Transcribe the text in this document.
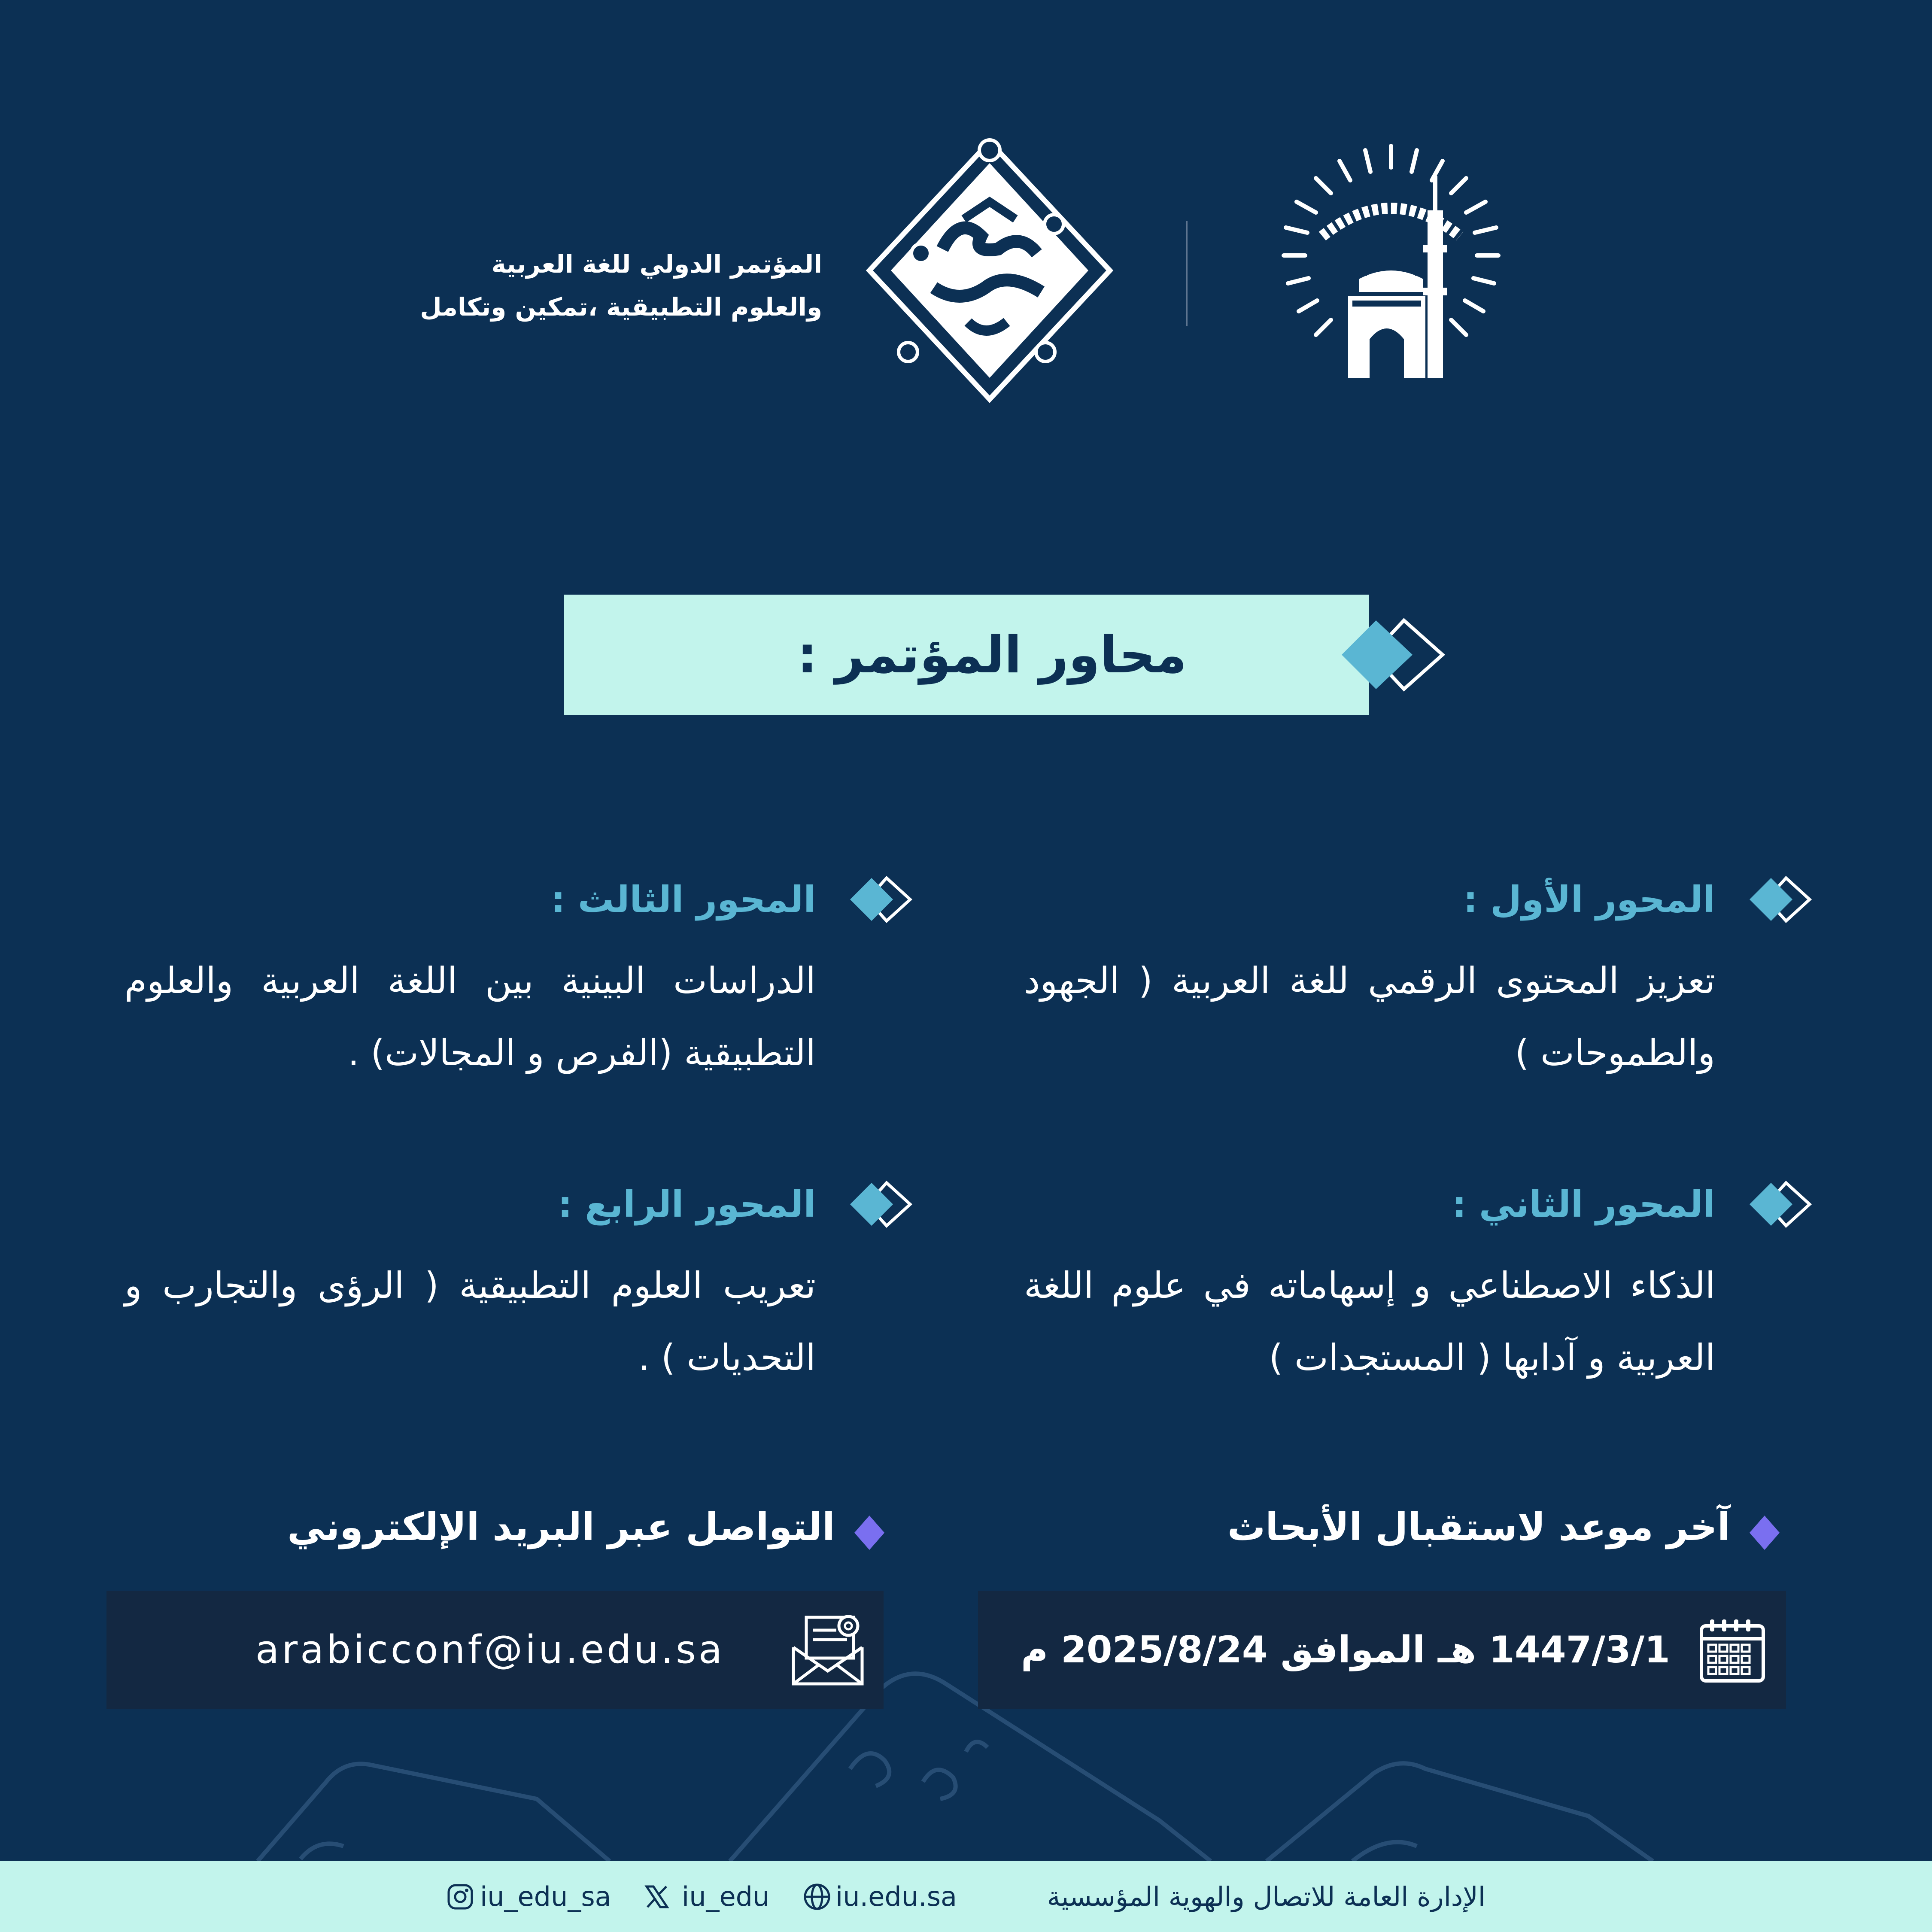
المؤتمر الدولي للغة العربية
والعلوم التطبيقية ،تمكين وتكامل
محاور المؤتمر :
المحور الأول :
تعزيز المحتوى الرقمي للغة العربية ( الجهود والطموحات )
المحور الثالث :
الدراسات البينية بين اللغة العربية والعلوم التطبيقية (الفرص و المجالات) .
المحور الثاني :
الذكاء الاصطناعي و إسهاماته في علوم اللغة العربية و آدابها ( المستجدات )
المحور الرابع :
تعريب العلوم التطبيقية ( الرؤى والتجارب و التحديات ) .
آخر موعد لاستقبال الأبحاث
1447/3/1 هـ الموافق 2025/8/24 م
التواصل عبر البريد الإلكتروني
arabicconf@iu.edu.sa
الإدارة العامة للاتصال والهوية المؤسسية
iu.edu.sa
iu_edu
iu_edu_sa
